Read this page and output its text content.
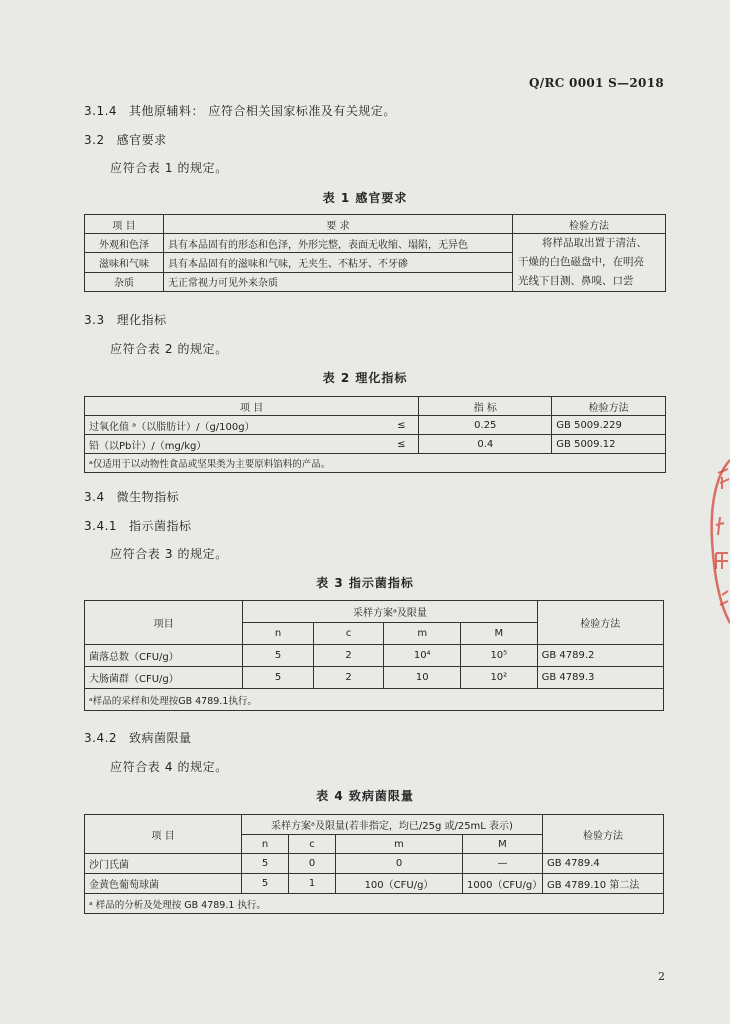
Q/RC 0001 S—2018
3.1.4 其他原辅料： 应符合相关国家标准及有关规定。
3.2 感官要求
应符合表 1 的规定。
表 1 感官要求
项 目	要 求	检验方法
外观和色泽	具有本品固有的形态和色泽，外形完整，表面无收缩、塌陷，无异色	将样品取出置于清洁、
干燥的白色磁盘中，在明亮
光线下目测、鼻嗅、口尝

滋味和气味	具有本品固有的滋味和气味，无夹生、不粘牙、不牙碜	
杂质	无正常视力可见外来杂质	
3.3 理化指标
应符合表 2 的规定。
表 2 理化指标
项 目		指 标	检验方法
过氧化值 ᵃ（以脂肪计）/（g/100g）	≤	0.25	GB 5009.229
铅（以Pb计）/（mg/kg）	≤	0.4	GB 5009.12
ᵃ仅适用于以动物性食品或坚果类为主要原料馅料的产品。			
3.4 微生物指标
3.4.1 指示菌指标
应符合表 3 的规定。
表 3 指示菌指标
项目	采样方案ᵃ及限量				检验方法
	n	c	m	M	
菌落总数（CFU/g）	5	2	10⁴	10⁵	GB 4789.2
大肠菌群（CFU/g）	5	2	10	10²	GB 4789.3
ᵃ样品的采样和处理按GB 4789.1执行。					
3.4.2 致病菌限量
应符合表 4 的规定。
表 4 致病菌限量
项 目	采样方案ᵃ及限量(若非指定，均已/25g 或/25mL 表示)				检验方法
	n	c	m	M	
沙门氏菌	5	0	0	—	GB 4789.4
金黄色葡萄球菌	5	1	100（CFU/g）	1000（CFU/g）	GB 4789.10 第二法
ᵃ 样品的分析及处理按 GB 4789.1 执行。					
2
